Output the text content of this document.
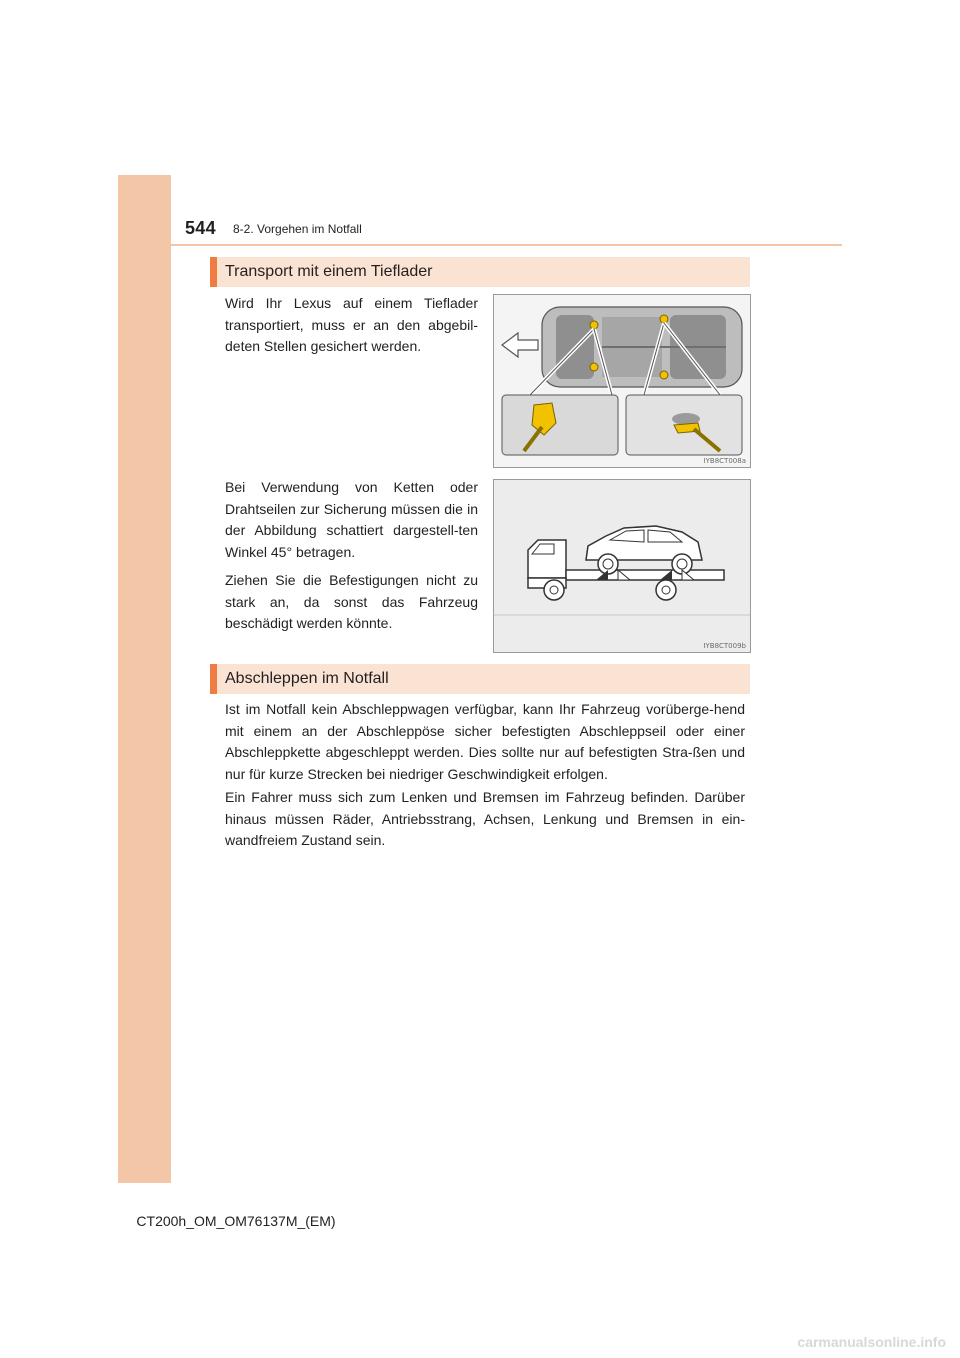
544 8-2. Vorgehen im Notfall
Transport mit einem Tieflader

Wird Ihr Lexus auf einem Tieflader transportiert, muss er an den abgebil-deten Stellen gesichert werden.

IYB8CT008a

Bei Verwendung von Ketten oder Drahtseilen zur Sicherung müssen die in der Abbildung schattiert dargestell-ten Winkel 45° betragen.

Ziehen Sie die Befestigungen nicht zu stark an, da sonst das Fahrzeug beschädigt werden könnte.

IYB8CT009b
Abschleppen im Notfall

Ist im Notfall kein Abschleppwagen verfügbar, kann Ihr Fahrzeug vorüberge-hend mit einem an der Abschleppöse sicher befestigten Abschleppseil oder einer Abschleppkette abgeschleppt werden. Dies sollte nur auf befestigten Stra-ßen und nur für kurze Strecken bei niedriger Geschwindigkeit erfolgen.

Ein Fahrer muss sich zum Lenken und Bremsen im Fahrzeug befinden. Darüber hinaus müssen Räder, Antriebsstrang, Achsen, Lenkung und Bremsen in ein-wandfreiem Zustand sein.

CT200h_OM_OM76137M_(EM)
carmanualsonline.info
